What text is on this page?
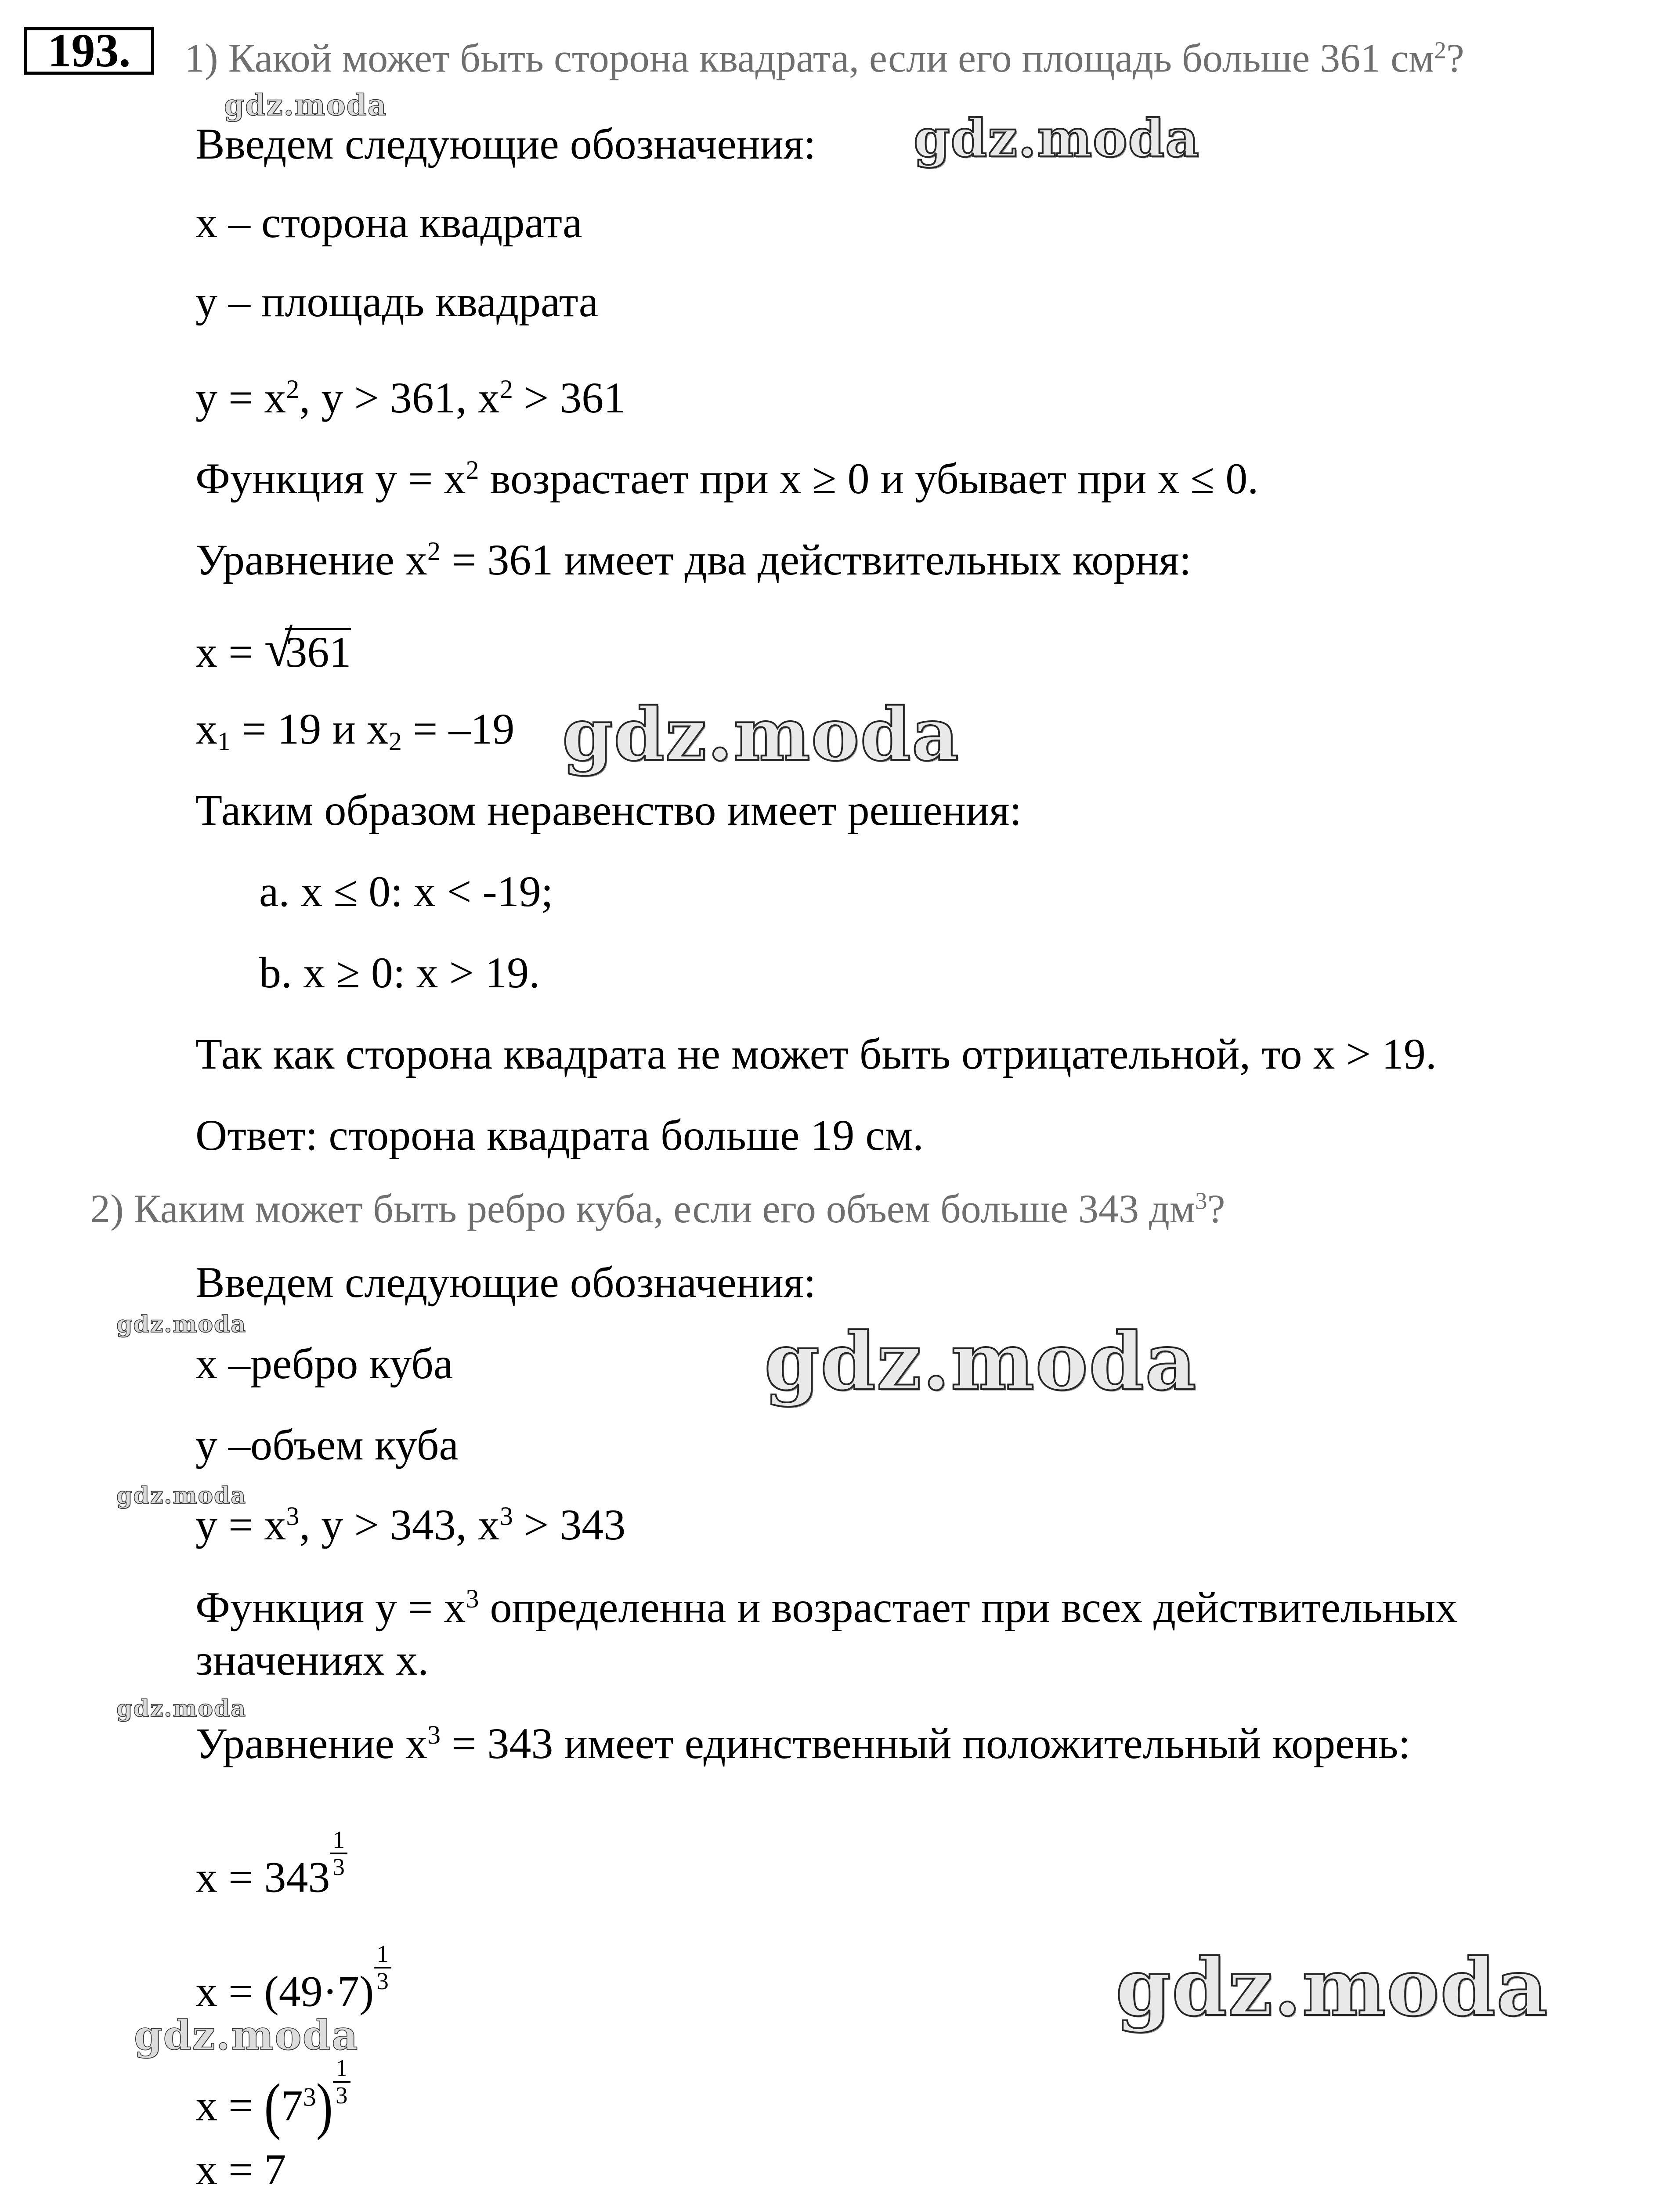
193.	1) Какой может быть сторона квадрата, если его площадь больше 361 $см^2$?
Введем следующие обозначения:
x – сторона квадрата
y – площадь квадрата
$y = x^2$, y > 361, $x^2 > 361$
Функция $y = x^2$ возрастает при x ≥ 0 и убывает при x ≤ 0.
Уравнение $x^2 = 361$ имеет два действительных корня:
x = √
361
$x_1 = 19$ и $x_2 = -19$
Таким образом неравенство имеет решения:
a. x ≤ 0: x < -19;
b. x ≥ 0: x > 19.
Так как сторона квадрата не может быть отрицательной, то x > 19.
Ответ: сторона квадрата больше 19 см.
2) Каким может быть ребро куба, если его объем больше 343 $дм^3$?
Введем следующие обозначения:
x –ребро куба
y –объем куба
$y = x^3$, y > 343, $x^3 > 343$
Функция $y = x^3$ определенна и возрастает при всех действительных
значениях x.
Уравнение $x^3 = 343$ имеет единственный положительный корень:
$x = 343 \frac{1}{3}$
$x = (49\cdot 7) \frac{1}{3}$
$x = (7^3) \frac{1}{3}$
x = 7
gdz.moda
gdz.moda
gdz.moda
gdz.moda	gdz.moda
gdz.moda
gdz.moda
gdz.moda
gdz.moda
